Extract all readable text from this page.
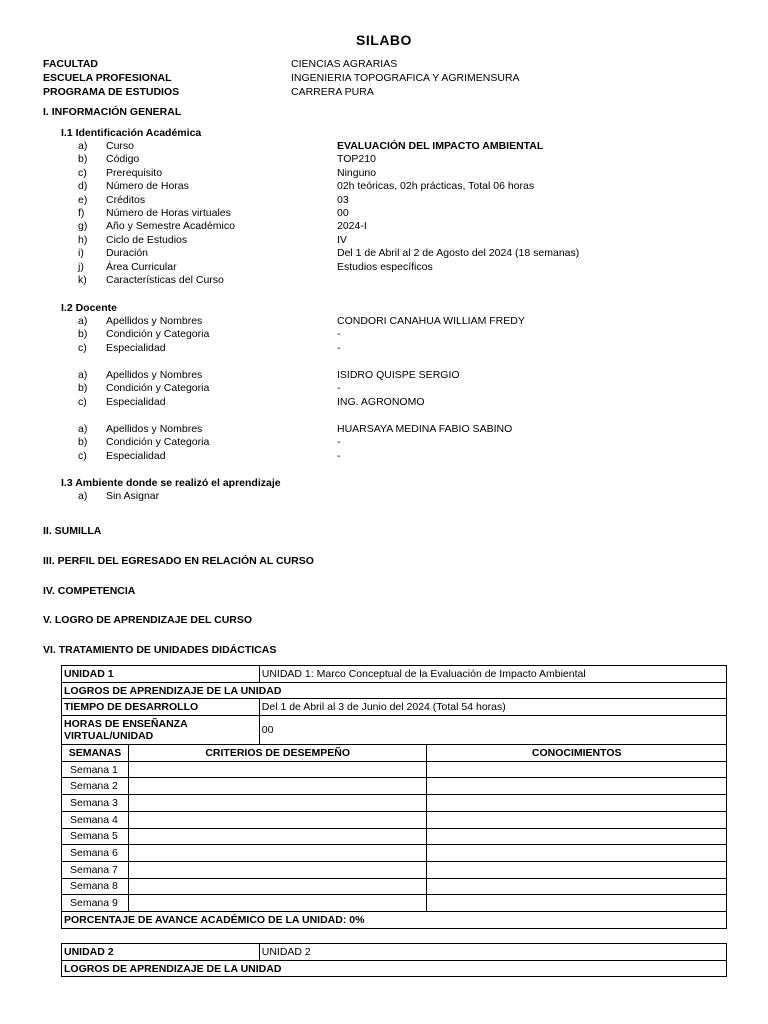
SILABO
FACULTAD	CIENCIAS AGRARIAS
ESCUELA PROFESIONAL	INGENIERIA TOPOGRAFICA Y AGRIMENSURA
PROGRAMA DE ESTUDIOS	CARRERA PURA
I. INFORMACIÓN GENERAL
I.1 Identificación Académica
a)	Curso	EVALUACIÓN DEL IMPACTO AMBIENTAL
b)	Código	TOP210
c)	Prerequisito	Ninguno
d)	Número de Horas	02h teóricas, 02h prácticas, Total 06 horas
e)	Créditos	03
f)	Número de Horas virtuales	00
g)	Año y Semestre Académico	2024-I
h)	Ciclo de Estudios	IV
i)	Duración	Del 1 de Abril al 2 de Agosto del 2024 (18 semanas)
j)	Área Curricular	Estudios específicos
k)	Características del Curso
I.2 Docente
a)	Apellidos y Nombres	CONDORI CANAHUA WILLIAM FREDY
b)	Condición y Categoria	-
c)	Especialidad	-
a)	Apellidos y Nombres	ISIDRO QUISPE SERGIO
b)	Condición y Categoria	-
c)	Especialidad	ING. AGRONOMO
a)	Apellidos y Nombres	HUARSAYA MEDINA FABIO SABINO
b)	Condición y Categoria	-
c)	Especialidad	-
I.3 Ambiente donde se realizó el aprendizaje
a)	Sin Asignar
II. SUMILLA
III. PERFIL DEL EGRESADO EN RELACIÓN AL CURSO
IV. COMPETENCIA
V. LOGRO DE APRENDIZAJE DEL CURSO
VI. TRATAMIENTO DE UNIDADES DIDÁCTICAS
UNIDAD 1		UNIDAD 1: Marco Conceptual de la Evaluación de Impacto Ambiental	
LOGROS DE APRENDIZAJE DE LA UNIDAD			
TIEMPO DE DESARROLLO		Del 1 de Abril al 3 de Junio del 2024 (Total 54 horas)	
HORAS DE ENSEÑANZA VIRTUAL/UNIDAD		00	
SEMANAS	CRITERIOS DE DESEMPEÑO		CONOCIMIENTOS
Semana 1			
Semana 2			
Semana 3			
Semana 4			
Semana 5			
Semana 6			
Semana 7			
Semana 8			
Semana 9			
PORCENTAJE DE AVANCE ACADÉMICO DE LA UNIDAD: 0%			
UNIDAD 2	UNIDAD 2
LOGROS DE APRENDIZAJE DE LA UNIDAD
